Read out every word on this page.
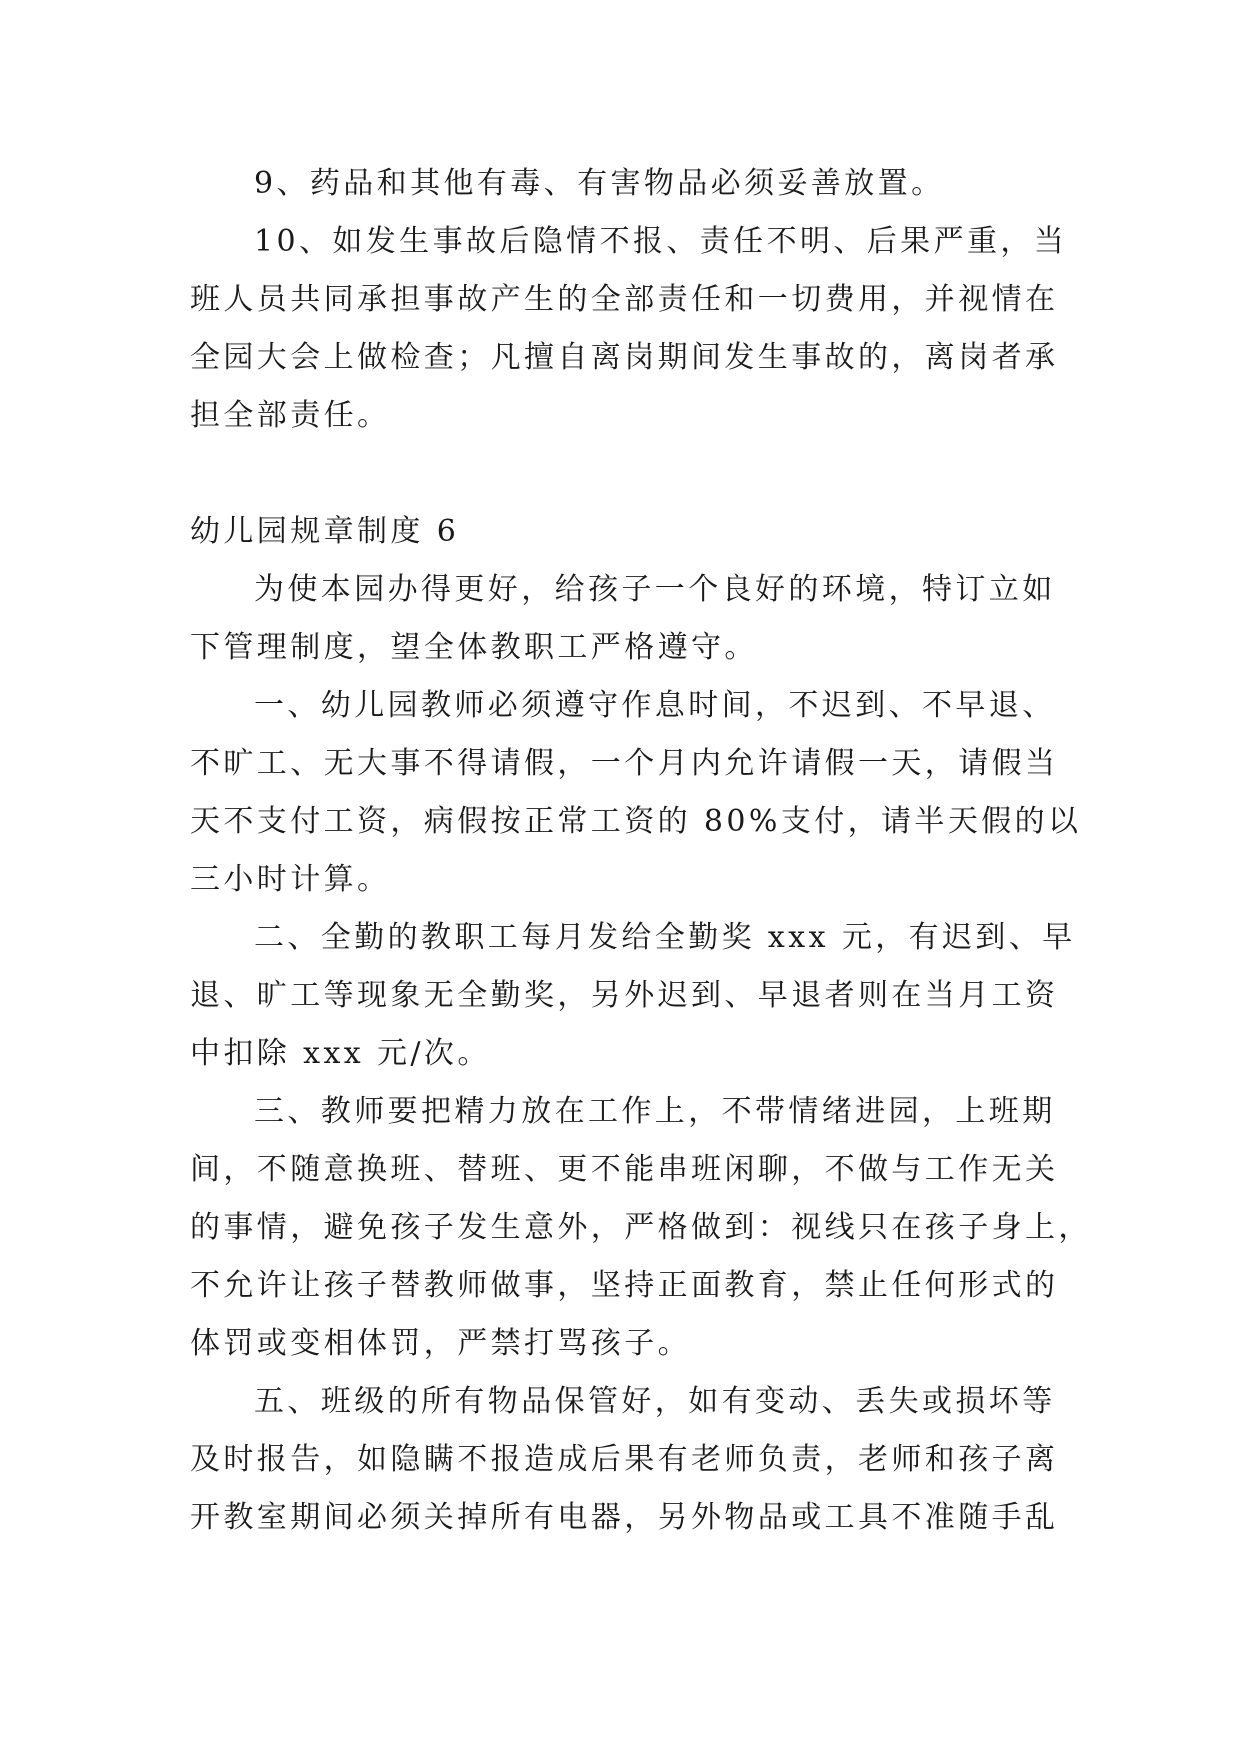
9、药品和其他有毒、有害物品必须妥善放置。
10、如发生事故后隐情不报、责任不明、后果严重，当
班人员共同承担事故产生的全部责任和一切费用，并视情在
全园大会上做检查；凡擅自离岗期间发生事故的，离岗者承
担全部责任。
幼儿园规章制度 6
为使本园办得更好，给孩子一个良好的环境，特订立如
下管理制度，望全体教职工严格遵守。
一、幼儿园教师必须遵守作息时间，不迟到、不早退、
不旷工、无大事不得请假，一个月内允许请假一天，请假当
天不支付工资，病假按正常工资的 80%支付，请半天假的以
三小时计算。
二、全勤的教职工每月发给全勤奖 xxx 元，有迟到、早
退、旷工等现象无全勤奖，另外迟到、早退者则在当月工资
中扣除 xxx 元/次。
三、教师要把精力放在工作上，不带情绪进园，上班期
间，不随意换班、替班、更不能串班闲聊，不做与工作无关
的事情，避免孩子发生意外，严格做到：视线只在孩子身上，
不允许让孩子替教师做事，坚持正面教育，禁止任何形式的
体罚或变相体罚，严禁打骂孩子。
五、班级的所有物品保管好，如有变动、丢失或损坏等
及时报告，如隐瞒不报造成后果有老师负责，老师和孩子离
开教室期间必须关掉所有电器，另外物品或工具不准随手乱
